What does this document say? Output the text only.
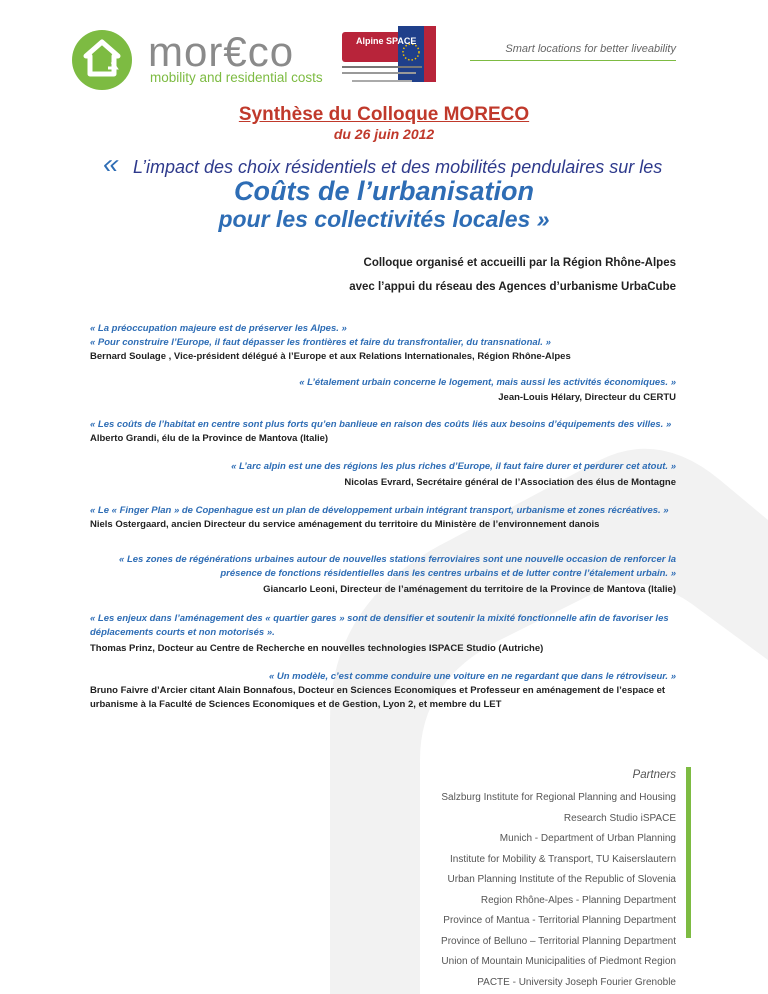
mor€co
mobility and residential costs
Alpine SPACE
Smart locations for better liveability
Synthèse du Colloque MORECO
du 26 juin 2012
« L’impact des choix résidentiels et des mobilités pendulaires sur les
Coûts de l’urbanisation
pour les collectivités locales »
Colloque organisé et accueilli par la Région Rhône-Alpes
avec l’appui du réseau des Agences d’urbanisme UrbaCube
« La préoccupation majeure est de préserver les Alpes. »
« Pour construire l’Europe, il faut dépasser les frontières et faire du transfrontalier, du transnational. »
Bernard Soulage , Vice-président délégué à l’Europe et aux Relations Internationales, Région Rhône-Alpes
« L’étalement urbain concerne le logement, mais aussi les activités économiques. »
Jean-Louis Hélary, Directeur du CERTU
« Les coûts de l’habitat en centre sont plus forts qu’en banlieue en raison des coûts liés aux besoins d’équipements des villes. »
Alberto Grandi, élu de la Province de Mantova (Italie)
« L’arc alpin est une des régions les plus riches d’Europe, il faut faire durer et perdurer cet atout. »
Nicolas Evrard, Secrétaire général de l’Association des élus de Montagne
« Le « Finger Plan » de Copenhague est un plan de développement urbain intégrant transport, urbanisme et zones récréatives. »
Niels Ostergaard, ancien Directeur du service aménagement du territoire du Ministère de l’environnement danois
« Les zones de régénérations urbaines autour de nouvelles stations ferroviaires sont une nouvelle occasion de renforcer la
présence de fonctions résidentielles dans les centres urbains et de lutter contre l’étalement urbain. »
Giancarlo Leoni, Directeur de l’aménagement du territoire de la Province de Mantova (Italie)
« Les enjeux dans l’aménagement des « quartier gares » sont de densifier et soutenir la mixité fonctionnelle afin de favoriser les
déplacements courts et non motorisés ».
Thomas Prinz, Docteur au Centre de Recherche en nouvelles technologies ISPACE Studio (Autriche)
« Un modèle, c’est comme conduire une voiture en ne regardant que dans le rétroviseur. »
Bruno Faivre d’Arcier citant Alain Bonnafous, Docteur en Sciences Economiques et Professeur en aménagement de l’espace et
urbanisme à la Faculté de Sciences Economiques et de Gestion, Lyon 2, et membre du LET
Partners
Salzburg Institute for Regional Planning and Housing
Research Studio iSPACE
Munich - Department of Urban Planning
Institute for Mobility & Transport, TU Kaiserslautern
Urban Planning Institute of the Republic of Slovenia
Region Rhône-Alpes - Planning Department
Province of Mantua - Territorial Planning Department
Province of Belluno – Territorial Planning Department
Union of Mountain Municipalities of Piedmont Region
PACTE - University Joseph Fourier Grenoble
